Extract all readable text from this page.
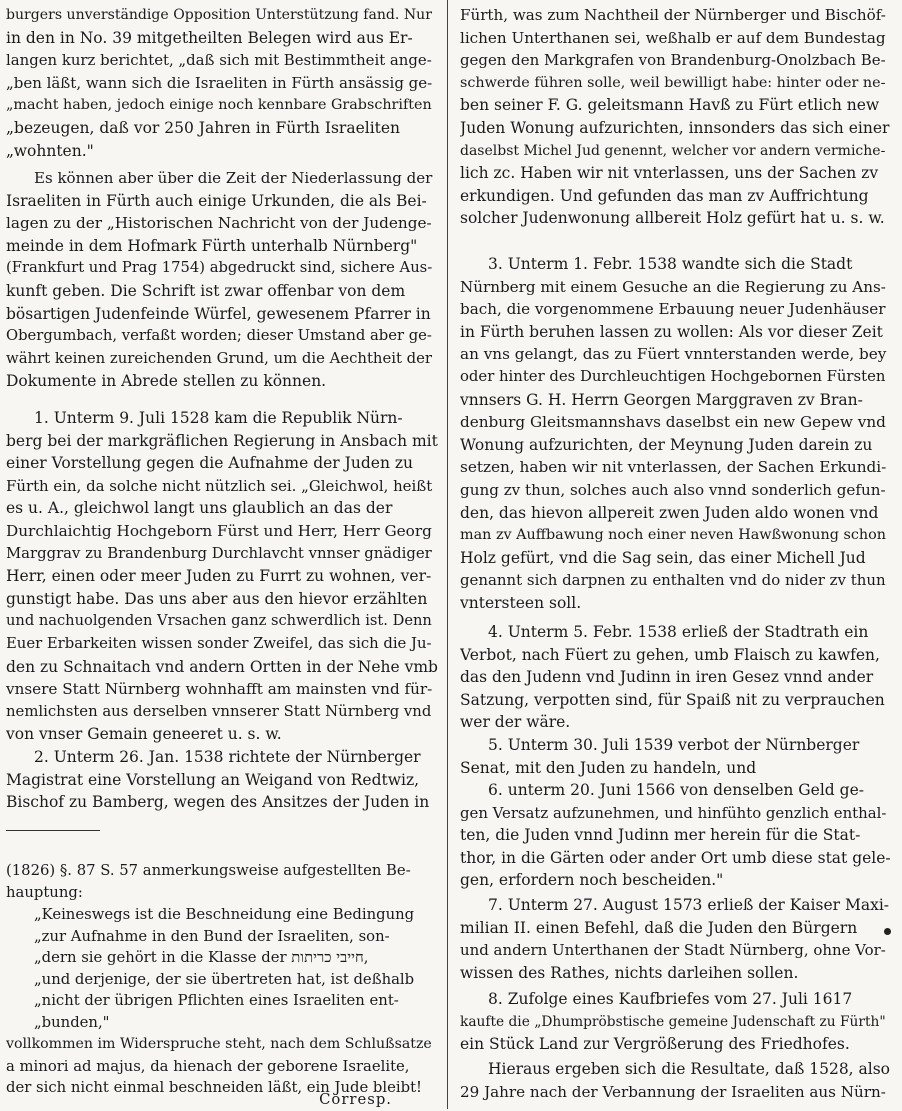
burgers unverständige Opposition Unterstützung fand. Nur
in den in No. 39 mitgetheilten Belegen wird aus Er-
langen kurz berichtet, „daß sich mit Bestimmtheit ange-
„ben läßt, wann sich die Israeliten in Fürth ansässig ge-
„macht haben, jedoch einige noch kennbare Grabschriften
„bezeugen, daß vor 250 Jahren in Fürth Israeliten
„wohnten."
Es können aber über die Zeit der Niederlassung der
Israeliten in Fürth auch einige Urkunden, die als Bei-
lagen zu der „Historischen Nachricht von der Judenge-
meinde in dem Hofmark Fürth unterhalb Nürnberg"
(Frankfurt und Prag 1754) abgedruckt sind, sichere Aus-
kunft geben. Die Schrift ist zwar offenbar von dem
bösartigen Judenfeinde Würfel, gewesenem Pfarrer in
Obergumbach, verfaßt worden; dieser Umstand aber ge-
währt keinen zureichenden Grund, um die Aechtheit der
Dokumente in Abrede stellen zu können.
1. Unterm 9. Juli 1528 kam die Republik Nürn-
berg bei der markgräflichen Regierung in Ansbach mit
einer Vorstellung gegen die Aufnahme der Juden zu
Fürth ein, da solche nicht nützlich sei. „Gleichwol, heißt
es u. A., gleichwol langt uns glaublich an das der
Durchlaichtig Hochgeborn Fürst und Herr, Herr Georg
Marggrav zu Brandenburg Durchlavcht vnnser gnädiger
Herr, einen oder meer Juden zu Furrt zu wohnen, ver-
gunstigt habe. Das uns aber aus den hievor erzählten
und nachuolgenden Vrsachen ganz schwerdlich ist. Denn
Euer Erbarkeiten wissen sonder Zweifel, das sich die Ju-
den zu Schnaitach vnd andern Ortten in der Nehe vmb
vnsere Statt Nürnberg wohnhafft am mainsten vnd für-
nemlichsten aus derselben vnnserer Statt Nürnberg vnd
von vnser Gemain geneeret u. s. w.
2. Unterm 26. Jan. 1538 richtete der Nürnberger
Magistrat eine Vorstellung an Weigand von Redtwiz,
Bischof zu Bamberg, wegen des Ansitzes der Juden in
(1826) §. 87 S. 57 anmerkungsweise aufgestellten Be-
hauptung:
„Keineswegs ist die Beschneidung eine Bedingung
„zur Aufnahme in den Bund der Israeliten, son-
„dern sie gehört in die Klasse der חייבי כריתות,
„und derjenige, der sie übertreten hat, ist deßhalb
„nicht der übrigen Pflichten eines Israeliten ent-
„bunden,"
vollkommen im Widerspruche steht, nach dem Schlußsatze
a minori ad majus, da hienach der geborene Israelite,
der sich nicht einmal beschneiden läßt, ein Jude bleibt!
Corresp.
Fürth, was zum Nachtheil der Nürnberger und Bischöf-
lichen Unterthanen sei, weßhalb er auf dem Bundestag
gegen den Markgrafen von Brandenburg-Onolzbach Be-
schwerde führen solle, weil bewilligt habe: hinter oder ne-
ben seiner F. G. geleitsmann Havß zu Fürt etlich new
Juden Wonung aufzurichten, innsonders das sich einer
daselbst Michel Jud genennt, welcher vor andern vermiche-
lich zc. Haben wir nit vnterlassen, uns der Sachen zv
erkundigen. Und gefunden das man zv Auffrichtung
solcher Judenwonung allbereit Holz gefürt hat u. s. w.
3. Unterm 1. Febr. 1538 wandte sich die Stadt
Nürnberg mit einem Gesuche an die Regierung zu Ans-
bach, die vorgenommene Erbauung neuer Judenhäuser
in Fürth beruhen lassen zu wollen: Als vor dieser Zeit
an vns gelangt, das zu Füert vnnterstanden werde, bey
oder hinter des Durchleuchtigen Hochgebornen Fürsten
vnnsers G. H. Herrn Georgen Marggraven zv Bran-
denburg Gleitsmannshavs daselbst ein new Gepew vnd
Wonung aufzurichten, der Meynung Juden darein zu
setzen, haben wir nit vnterlassen, der Sachen Erkundi-
gung zv thun, solches auch also vnnd sonderlich gefun-
den, das hievon allpereit zwen Juden aldo wonen vnd
man zv Auffbawung noch einer neven Hawßwonung schon
Holz gefürt, vnd die Sag sein, das einer Michell Jud
genannt sich darpnen zu enthalten vnd do nider zv thun
vntersteen soll.
4. Unterm 5. Febr. 1538 erließ der Stadtrath ein
Verbot, nach Füert zu gehen, umb Flaisch zu kawfen,
das den Judenn vnd Judinn in iren Gesez vnnd ander
Satzung, verpotten sind, für Spaiß nit zu verprauchen
wer der wäre.
5. Unterm 30. Juli 1539 verbot der Nürnberger
Senat, mit den Juden zu handeln, und
6. unterm 20. Juni 1566 von denselben Geld ge-
gen Versatz aufzunehmen, und hinfühto genzlich enthal-
ten, die Juden vnnd Judinn mer herein für die Stat-
thor, in die Gärten oder ander Ort umb diese stat gele-
gen, erfordern noch bescheiden."
7. Unterm 27. August 1573 erließ der Kaiser Maxi-
milian II. einen Befehl, daß die Juden den Bürgern
und andern Unterthanen der Stadt Nürnberg, ohne Vor-
wissen des Rathes, nichts darleihen sollen.
8. Zufolge eines Kaufbriefes vom 27. Juli 1617
kaufte die „Dhumpröbstische gemeine Judenschaft zu Fürth"
ein Stück Land zur Vergrößerung des Friedhofes.
Hieraus ergeben sich die Resultate, daß 1528, also
29 Jahre nach der Verbannung der Israeliten aus Nürn-
